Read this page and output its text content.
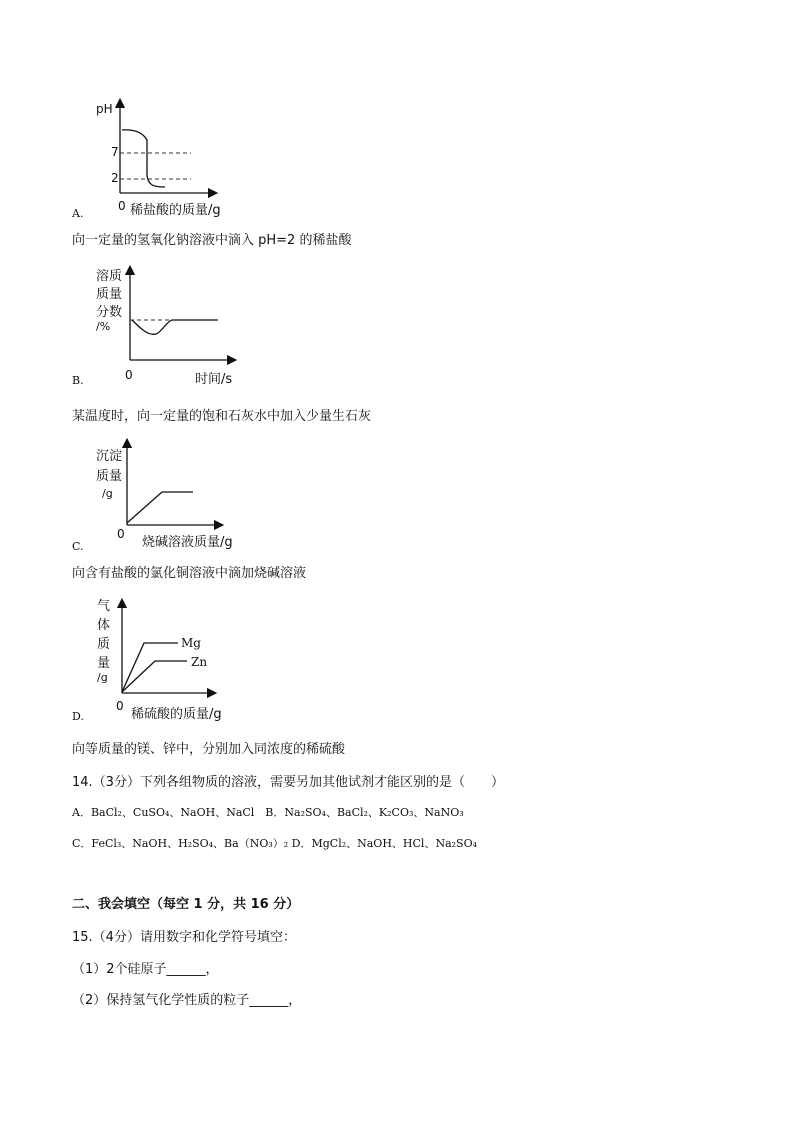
pH
7
2
0 稀盐酸的质量/g
A.
向一定量的氢氧化钠溶液中滴入 pH=2 的稀盐酸
溶质
质量
分数
/%
0	时间/s
B.
某温度时，向一定量的饱和石灰水中加入少量生石灰
沉淀
质量
/g
0
烧碱溶液质量/g
C.
向含有盐酸的氯化铜溶液中滴加烧碱溶液
Mg
Zn
气
体
质
量
/g
0
稀硫酸的质量/g
D.
向等质量的镁、锌中，分别加入同浓度的稀硫酸
14.（3分）下列各组物质的溶液，需要另加其他试剂才能区别的是（　　）
A．BaCl₂、CuSO₄、NaOH、NaCl　B．Na₂SO₄、BaCl₂、K₂CO₃、NaNO₃
C．FeCl₃、NaOH、H₂SO₄、Ba（NO₃）₂ D．MgCl₂、NaOH、HCl、Na₂SO₄
二、我会填空（每空 1 分，共 16 分）
15.（4分）请用数字和化学符号填空：
（1）2个硅原子______，
（2）保持氢气化学性质的粒子______，
